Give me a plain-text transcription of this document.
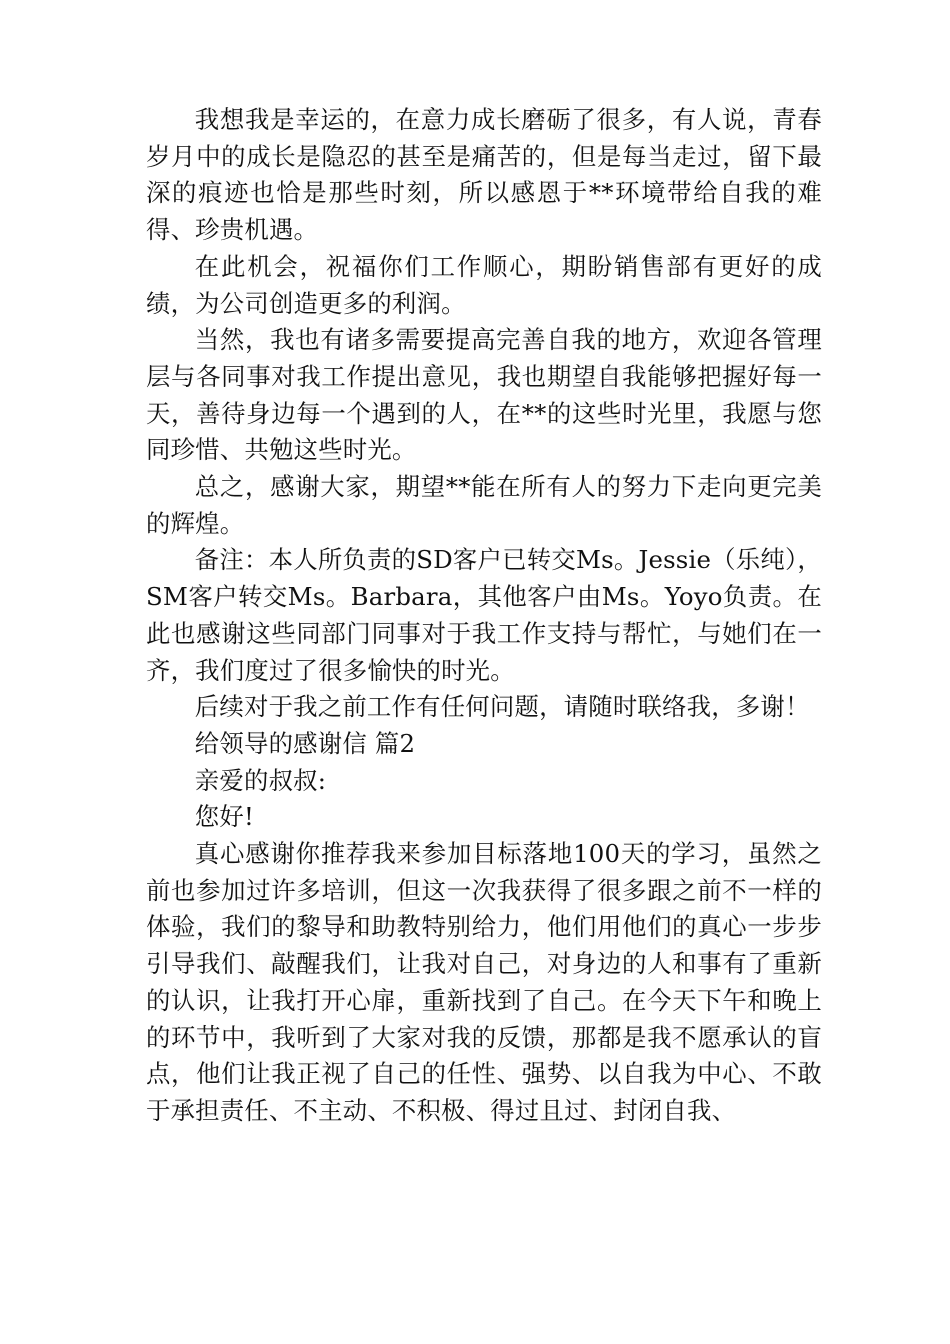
我想我是幸运的，在意力成长磨砺了很多，有人说，青春岁月中的成长是隐忍的甚至是痛苦的，但是每当走过，留下最深的痕迹也恰是那些时刻，所以感恩于**环境带给自我的难得、珍贵机遇。

在此机会，祝福你们工作顺心，期盼销售部有更好的成绩，为公司创造更多的利润。

当然，我也有诸多需要提高完善自我的地方，欢迎各管理层与各同事对我工作提出意见，我也期望自我能够把握好每一天，善待身边每一个遇到的人，在**的这些时光里，我愿与您同珍惜、共勉这些时光。

总之，感谢大家，期望**能在所有人的努力下走向更完美的辉煌。

备注：本人所负责的SD客户已转交Ms。Jessie（乐纯），SM客户转交Ms。Barbara，其他客户由Ms。Yoyo负责。在此也感谢这些同部门同事对于我工作支持与帮忙，与她们在一齐，我们度过了很多愉快的时光。

后续对于我之前工作有任何问题，请随时联络我，多谢！

给领导的感谢信 篇2

亲爱的叔叔:

您好!

真心感谢你推荐我来参加目标落地100天的学习，虽然之前也参加过许多培训，但这一次我获得了很多跟之前不一样的体验，我们的黎导和助教特别给力，他们用他们的真心一步步引导我们、敲醒我们，让我对自己，对身边的人和事有了重新的认识，让我打开心扉，重新找到了自己。在今天下午和晚上的环节中，我听到了大家对我的反馈，那都是我不愿承认的盲点，他们让我正视了自己的任性、强势、以自我为中心、不敢于承担责任、不主动、不积极、得过且过、封闭自我、
